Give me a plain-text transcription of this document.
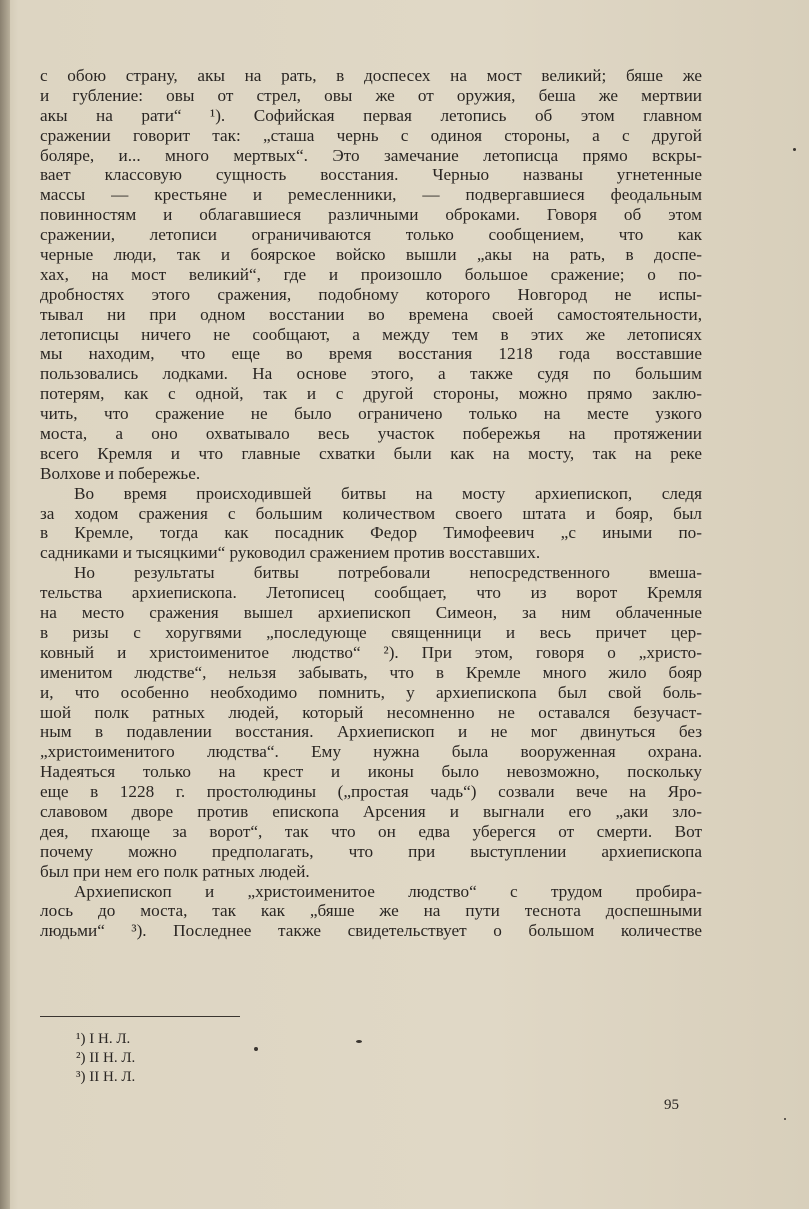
с обою страну, акы на рать, в доспесех на мост великий; бяше же
и губление: овы от стрел, овы же от оружия, беша же мертвии
акы на рати“ ¹). Софийская первая летопись об этом главном
сражении говорит так: „сташа чернь с одиноя стороны, а с другой
боляре, и... много мертвых“. Это замечание летописца прямо вскры-
вает классовую сущность восстания. Черныо названы угнетенные
массы — крестьяне и ремесленники, — подвергавшиеся феодальным
повинностям и облагавшиеся различными оброками. Говоря об этом
сражении, летописи ограничиваются только сообщением, что как
черные люди, так и боярское войско вышли „акы на рать, в доспе-
хах, на мост великий“, где и произошло большое сражение; о по-
дробностях этого сражения, подобному которого Новгород не испы-
тывал ни при одном восстании во времена своей самостоятельности,
летописцы ничего не сообщают, а между тем в этих же летописях
мы находим, что еще во время восстания 1218 года восставшие
пользовались лодками. На основе этого, а также судя по большим
потерям, как с одной, так и с другой стороны, можно прямо заклю-
чить, что сражение не было ограничено только на месте узкого
моста, а оно охватывало весь участок побережья на протяжении
всего Кремля и что главные схватки были как на мосту, так на реке
Волхове и побережье.
Во время происходившей битвы на мосту архиепископ, следя
за ходом сражения с большим количеством своего штата и бояр, был
в Кремле, тогда как посадник Федор Тимофеевич „с иными по-
садниками и тысяцкими“ руководил сражением против восставших.
Но результаты битвы потребовали непосредственного вмеша-
тельства архиепископа. Летописец сообщает, что из ворот Кремля
на место сражения вышел архиепископ Симеон, за ним облаченные
в ризы с хоругвями „последующе священници и весь причет цер-
ковный и христоименитое людство“ ²). При этом, говоря о „христо-
именитом людстве“, нельзя забывать, что в Кремле много жило бояр
и, что особенно необходимо помнить, у архиепископа был свой боль-
шой полк ратных людей, который несомненно не оставался безучаст-
ным в подавлении восстания. Архиепископ и не мог двинуться без
„христоименитого людства“. Ему нужна была вооруженная охрана.
Надеяться только на крест и иконы было невозможно, поскольку
еще в 1228 г. простолюдины („простая чадь“) созвали вече на Яро-
славовом дворе против епископа Арсения и выгнали его „аки зло-
дея, пхающе за ворот“, так что он едва уберегся от смерти. Вот
почему можно предполагать, что при выступлении архиепископа
был при нем его полк ратных людей.
Архиепископ и „христоименитое людство“ с трудом пробира-
лось до моста, так как „бяше же на пути теснота доспешными
людьми“ ³). Последнее также свидетельствует о большом количестве
¹) I Н. Л.
²) II Н. Л.
³) II Н. Л.
95
